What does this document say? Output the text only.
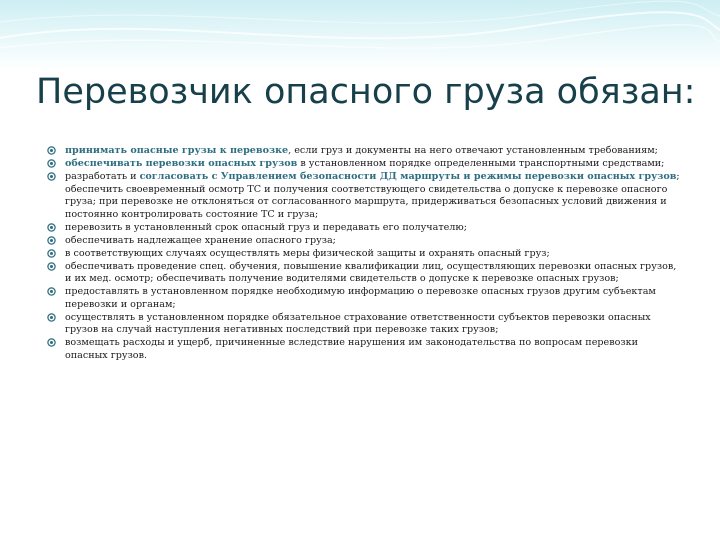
Перевозчик опасного груза обязан:
принимать опасные грузы к перевозке, если груз и документы на него отвечают установленным требованиям;
обеспечивать перевозки опасных грузов в установленном порядке определенными транспортными средствами;
разработать и согласовать с Управлением безопасности ДД маршруты и режимы перевозки опасных грузов; обеспечить своевременный осмотр ТС и получения соответствующего свидетельства о допуске к перевозке опасного груза; при перевозке не отклоняться от согласованного маршрута, придерживаться безопасных условий движения и постоянно контролировать состояние ТС и груза;
перевозить в установленный срок опасный груз и передавать его получателю;
обеспечивать надлежащее хранение опасного груза;
в соответствующих случаях осуществлять меры физической защиты и охранять опасный груз;
обеспечивать проведение спец. обучения, повышение квалификации лиц, осуществляющих перевозки опасных грузов, и их мед. осмотр; обеспечивать получение водителями свидетельств о допуске к перевозке опасных грузов;
предоставлять в установленном порядке необходимую информацию о перевозке опасных грузов другим субъектам перевозки и органам;
осуществлять в установленном порядке обязательное страхование ответственности субъектов перевозки опасных грузов на случай наступления негативных последствий при перевозке таких грузов;
возмещать расходы и ущерб, причиненные вследствие нарушения им законодательства по вопросам перевозки опасных грузов.
